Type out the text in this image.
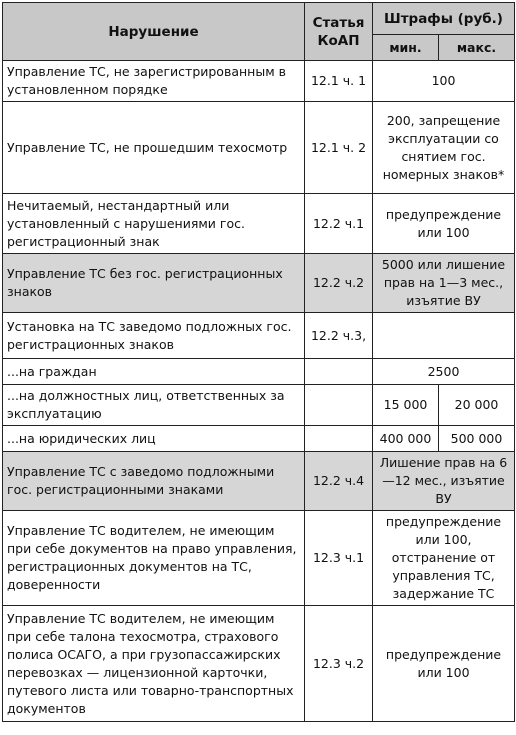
Нарушение	Статья КоАП	Штрафы (руб.)	
		мин.	макс.
Управление ТС, не зарегистрированным в установленном порядке	12.1 ч. 1	100	
Управление ТС, не прошедшим техосмотр	12.1 ч. 2	200, запрещение эксплуатации со снятием гос. номерных знаков*	
Нечитаемый, нестандартный или установленный с нарушениями гос. регистрационный знак	12.2 ч.1	предупреждение или 100	
Управление ТС без гос. регистрационных знаков	12.2 ч.2	5000 или лишение прав на 1—3 мес., изъятие ВУ	
Установка на ТС заведомо подложных гос. регистрационных знаков	12.2 ч.3,		
...на граждан		2500	
...на должностных лиц, ответственных за эксплуатацию		15 000	20 000
...на юридических лиц		400 000	500 000
Управление ТС с заведомо подложными гос. регистрационными знаками	12.2 ч.4	Лишение прав на 6—12 мес., изъятие ВУ	
Управление ТС водителем, не имеющим при себе документов на право управления, регистрационных документов на ТС, доверенности	12.3 ч.1	предупреждение или 100, отстранение от управления ТС, задержание ТС	
Управление ТС водителем, не имеющим при себе талона техосмотра, страхового полиса ОСАГО, а при грузопассажирских перевозках — лицензионной карточки, путевого листа или товарно-транспортных документов	12.3 ч.2	предупреждение или 100	
